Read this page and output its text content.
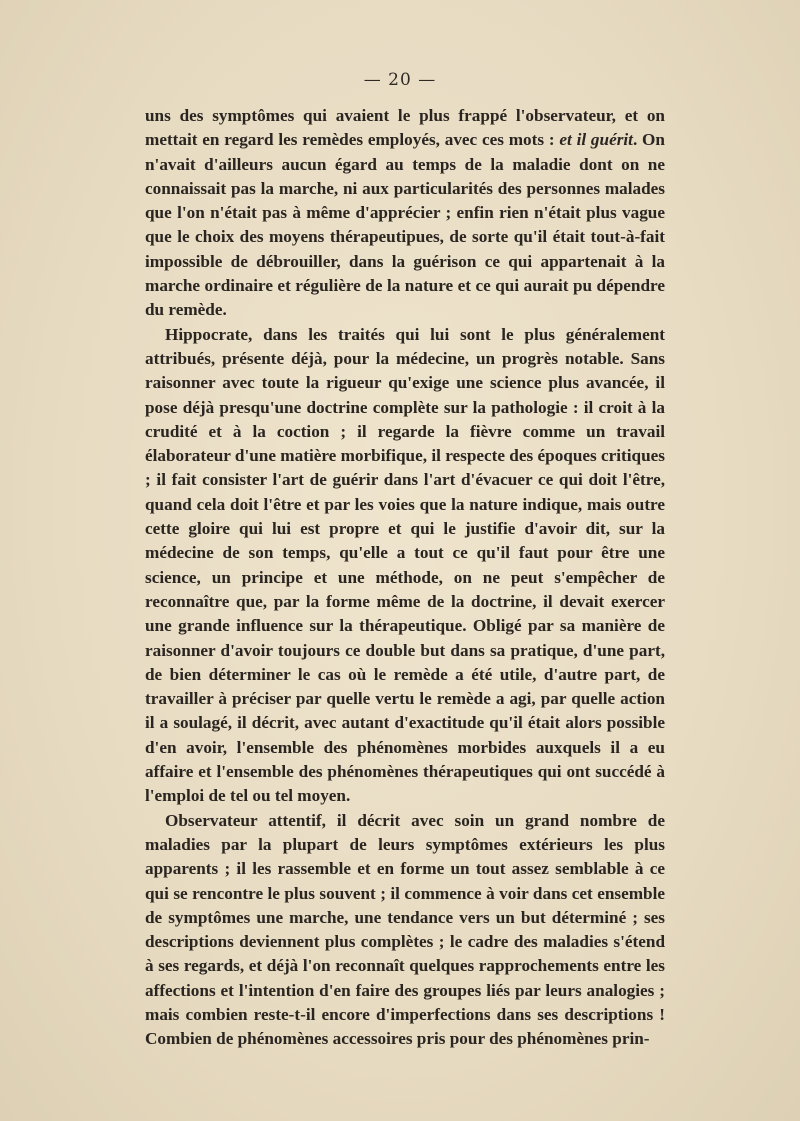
— 20 —

uns des symptômes qui avaient le plus frappé l'observateur, et on mettait en regard les remèdes employés, avec ces mots : et il guérit. On n'avait d'ailleurs aucun égard au temps de la maladie dont on ne connaissait pas la marche, ni aux particularités des personnes malades que l'on n'était pas à même d'apprécier ; enfin rien n'était plus vague que le choix des moyens thérapeutipues, de sorte qu'il était tout-à-fait impossible de débrouiller, dans la guérison ce qui appartenait à la marche ordinaire et régulière de la nature et ce qui aurait pu dépendre du remède.

Hippocrate, dans les traités qui lui sont le plus généralement attribués, présente déjà, pour la médecine, un progrès notable. Sans raisonner avec toute la rigueur qu'exige une science plus avancée, il pose déjà presqu'une doctrine complète sur la pathologie : il croit à la crudité et à la coction ; il regarde la fièvre comme un travail élaborateur d'une matière morbifique, il respecte des époques critiques ; il fait consister l'art de guérir dans l'art d'évacuer ce qui doit l'être, quand cela doit l'être et par les voies que la nature indique, mais outre cette gloire qui lui est propre et qui le justifie d'avoir dit, sur la médecine de son temps, qu'elle a tout ce qu'il faut pour être une science, un principe et une méthode, on ne peut s'empêcher de reconnaître que, par la forme même de la doctrine, il devait exercer une grande influence sur la thérapeutique. Obligé par sa manière de raisonner d'avoir toujours ce double but dans sa pratique, d'une part, de bien déterminer le cas où le remède a été utile, d'autre part, de travailler à préciser par quelle vertu le remède a agi, par quelle action il a soulagé, il décrit, avec autant d'exactitude qu'il était alors possible d'en avoir, l'ensemble des phénomènes morbides auxquels il a eu affaire et l'ensemble des phénomènes thérapeutiques qui ont succédé à l'emploi de tel ou tel moyen.

Observateur attentif, il décrit avec soin un grand nombre de maladies par la plupart de leurs symptômes extérieurs les plus apparents ; il les rassemble et en forme un tout assez semblable à ce qui se rencontre le plus souvent ; il commence à voir dans cet ensemble de symptômes une marche, une tendance vers un but déterminé ; ses descriptions deviennent plus complètes ; le cadre des maladies s'étend à ses regards, et déjà l'on reconnaît quelques rapprochements entre les affections et l'intention d'en faire des groupes liés par leurs analogies ; mais combien reste-t-il encore d'imperfections dans ses descriptions ! Combien de phénomènes accessoires pris pour des phénomènes prin-
